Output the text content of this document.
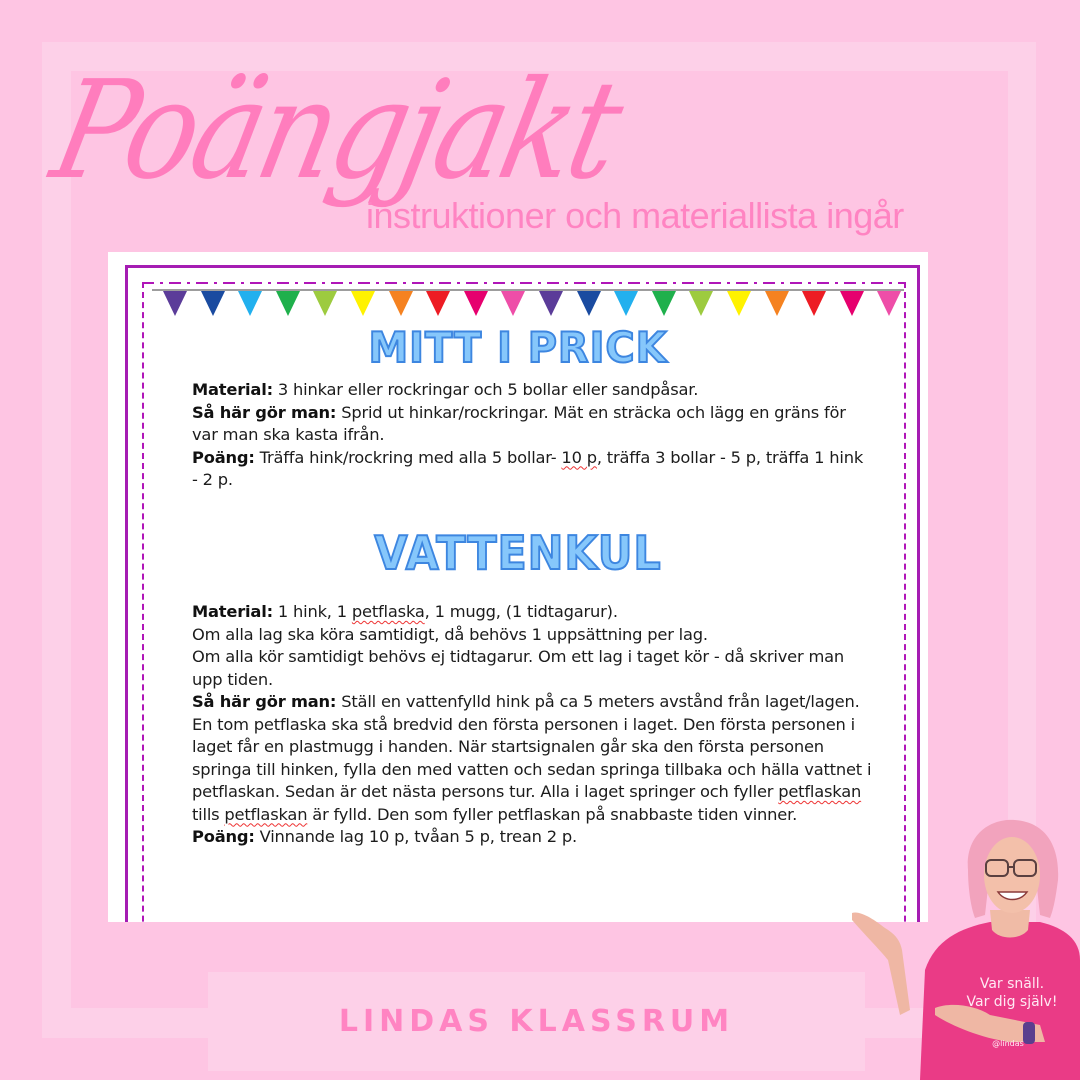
Poängjakt
instruktioner och materiallista ingår
MITT I PRICK
Material: 3 hinkar eller rockringar och 5 bollar eller sandpåsar.
Så här gör man: Sprid ut hinkar/rockringar. Mät en sträcka och lägg en gräns för var man ska kasta ifrån.
Poäng: Träffa hink/rockring med alla 5 bollar- 10 p, träffa 3 bollar - 5 p, träffa 1 hink - 2 p.
VATTENKUL
Material: 1 hink, 1 petflaska, 1 mugg, (1 tidtagarur).
Om alla lag ska köra samtidigt, då behövs 1 uppsättning per lag.
Om alla kör samtidigt behövs ej tidtagarur. Om ett lag i taget kör - då skriver man upp tiden.
Så här gör man: Ställ en vattenfylld hink på ca 5 meters avstånd från laget/lagen. En tom petflaska ska stå bredvid den första personen i laget. Den första personen i laget får en plastmugg i handen. När startsignalen går ska den första personen springa till hinken, fylla den med vatten och sedan springa tillbaka och hälla vattnet i petflaskan. Sedan är det nästa persons tur. Alla i laget springer och fyller petflaskan tills petflaskan är fylld. Den som fyller petflaskan på snabbaste tiden vinner.
Poäng: Vinnande lag 10 p, tvåan 5 p, trean 2 p.
LINDAS KLASSRUM
Var snäll.
Var dig själv!
@lindas
